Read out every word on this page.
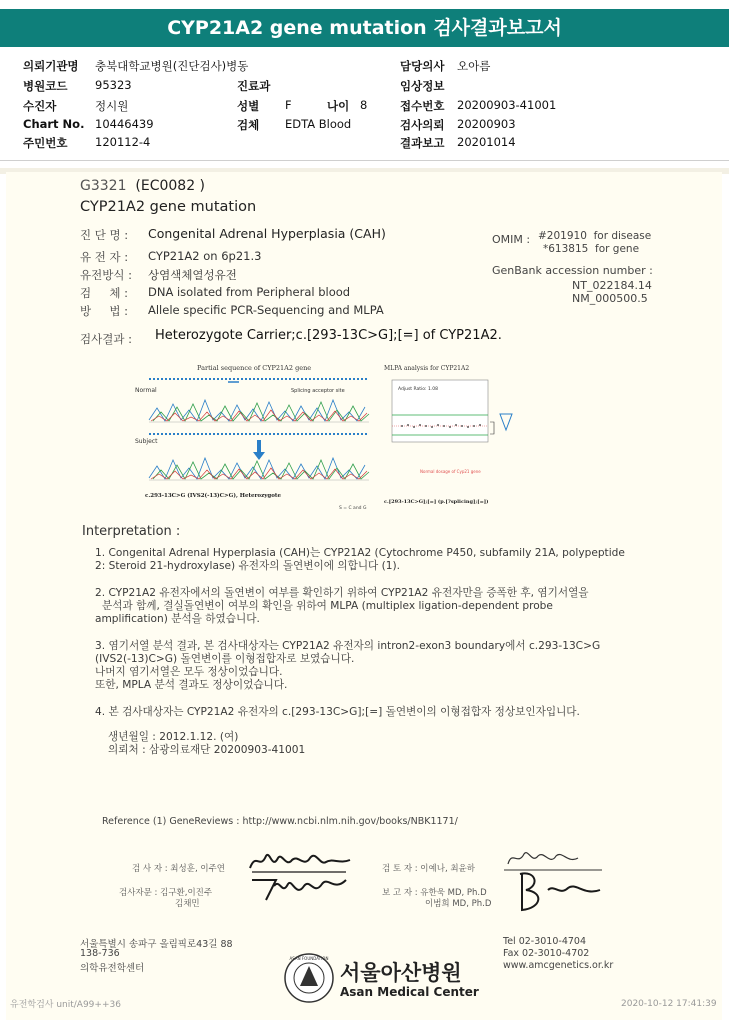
CYP21A2 gene mutation 검사결과보고서
의뢰기관명 충북대학교병원(진단검사)병동
병원코드 95323
수진자	정시원
Chart No. 10446439
주민번호 120112-4
진료과
성별 F	나이 8
검체 EDTA Blood
담당의사 오아름
임상정보
접수번호 20200903-41001
검사의뢰 20200903
결과보고 20201014
G3321 (EC0082 )
CYP21A2 gene mutation
진 단 명 : Congenital Adrenal Hyperplasia (CAH)
유 전 자 : CYP21A2 on 6p21.3
유전방식 : 상염색체열성유전
검     체 : DNA isolated from Peripheral blood
방     법 : Allele specific PCR-Sequencing and MLPA
OMIM : #201910 for disease
*613815 for gene
GenBank accession number :
NT_022184.14
NM_000500.5
검사결과 : Heterozygote Carrier;c.[293-13C>G];[=] of CYP21A2.
Partial sequence of CYP21A2 gene
Normal
Subject
Splicing acceptor site
c.293-13C>G (IVS2(-13)C>G), Heterozygote
S = C and G
MLPA analysis for CYP21A2
Adjust Ratio: 1.08
Normal dosage of Cyp21 gene
c.[293-13C>G];[=] (p.[?splicing];[=])
Interpretation :
1. Congenital Adrenal Hyperplasia (CAH)는 CYP21A2 (Cytochrome P450, subfamily 21A, polypeptide
2: Steroid 21-hydroxylase) 유전자의 돌연변이에 의합니다 (1).
2. CYP21A2 유전자에서의 돌연변이 여부를 확인하기 위하여 CYP21A2 유전자만을 증폭한 후, 염기서열을
분석과 함께, 결실돌연변이 여부의 확인을 위하여 MLPA (multiplex ligation-dependent probe
amplification) 분석을 하였습니다.
3. 염기서열 분석 결과, 본 검사대상자는 CYP21A2 유전자의 intron2-exon3 boundary에서 c.293-13C>G
(IVS2(-13)C>G) 돌연변이를 이형접합자로 보였습니다.
나머지 염기서열은 모두 정상이었습니다.
또한, MPLA 분석 결과도 정상이었습니다.
4. 본 검사대상자는 CYP21A2 유전자의 c.[293-13C>G];[=] 돌연변이의 이형접합자 정상보인자입니다.
생년월일 : 2012.1.12. (여)
의뢰처 : 삼광의료재단 20200903-41001
Reference (1) GeneReviews : http://www.ncbi.nlm.nih.gov/books/NBK1171/
검 사 자 : 최성훈, 이주연	검 토 자 : 이예나, 최윤하
검사자문 : 김구환,이진주
김채민
보 고 자 : 유한욱 MD, Ph.D
이범희 MD, Ph.D
서울특별시 송파구 올림픽로43길 88
138-736
의학유전학센터
Tel 02-3010-4704
Fax 02-3010-4702
www.amcgenetics.or.kr
ASAN FOUNDATION
서울아산병원
Asan Medical Center
유전학검사 unit/A99++36	2020-10-12 17:41:39
